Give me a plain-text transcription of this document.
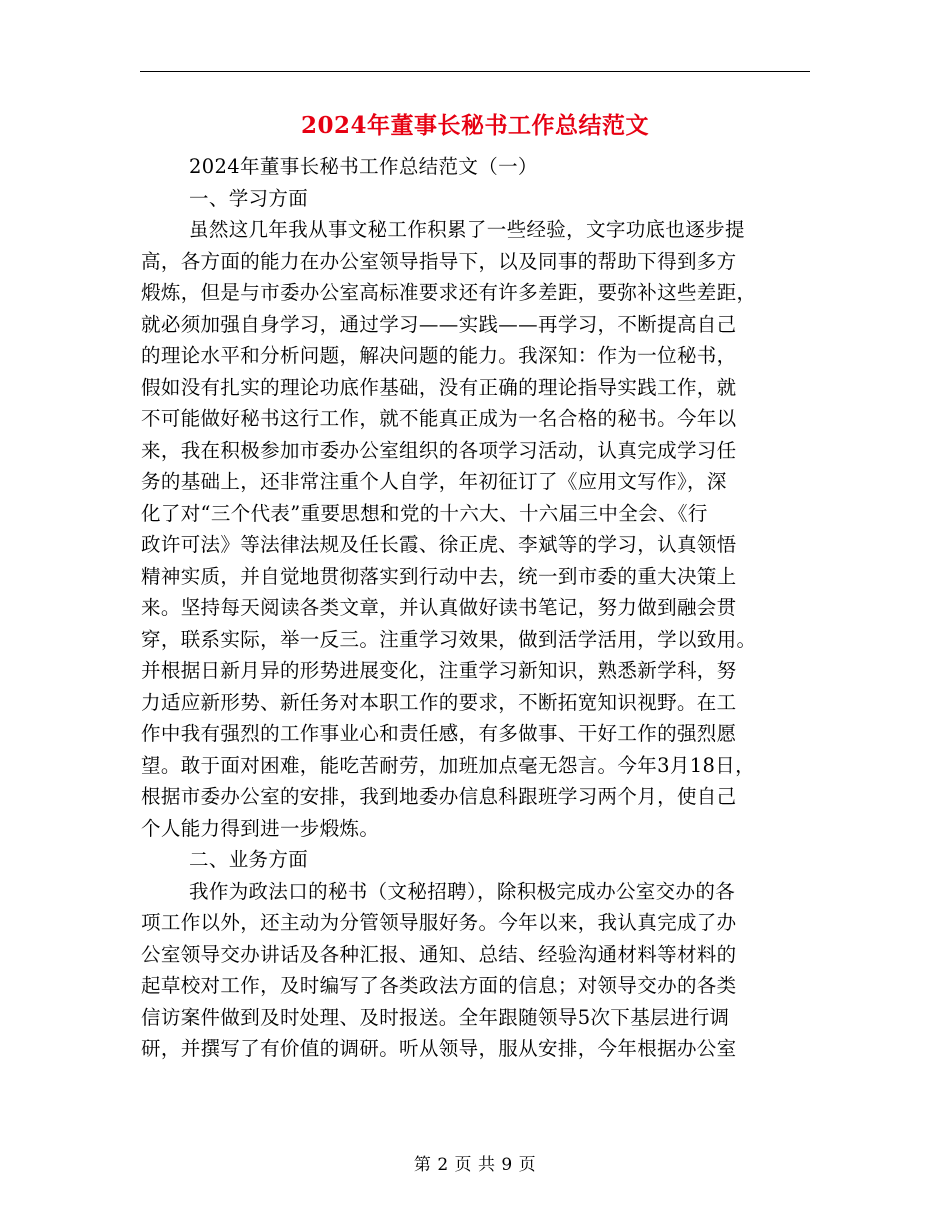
2024年董事长秘书工作总结范文
2024年董事长秘书工作总结范文（一）
一、学习方面
虽然这几年我从事文秘工作积累了一些经验，文字功底也逐步提
高，各方面的能力在办公室领导指导下，以及同事的帮助下得到多方
煅炼，但是与市委办公室高标准要求还有许多差距，要弥补这些差距，
就必须加强自身学习，通过学习——实践——再学习，不断提高自己
的理论水平和分析问题，解决问题的能力。我深知：作为一位秘书，
假如没有扎实的理论功底作基础，没有正确的理论指导实践工作，就
不可能做好秘书这行工作，就不能真正成为一名合格的秘书。今年以
来，我在积极参加市委办公室组织的各项学习活动，认真完成学习任
务的基础上，还非常注重个人自学，年初征订了《应用文写作》，深
化了对“三个代表”重要思想和党的十六大、十六届三中全会、《行
政许可法》等法律法规及任长霞、徐正虎、李斌等的学习，认真领悟
精神实质，并自觉地贯彻落实到行动中去，统一到市委的重大决策上
来。坚持每天阅读各类文章，并认真做好读书笔记，努力做到融会贯
穿，联系实际，举一反三。注重学习效果，做到活学活用，学以致用。
并根据日新月异的形势进展变化，注重学习新知识，熟悉新学科，努
力适应新形势、新任务对本职工作的要求，不断拓宽知识视野。在工
作中我有强烈的工作事业心和责任感，有多做事、干好工作的强烈愿
望。敢于面对困难，能吃苦耐劳，加班加点毫无怨言。今年3月18日，
根据市委办公室的安排，我到地委办信息科跟班学习两个月，使自己
个人能力得到进一步煅炼。
二、业务方面
我作为政法口的秘书（文秘招聘），除积极完成办公室交办的各
项工作以外，还主动为分管领导服好务。今年以来，我认真完成了办
公室领导交办讲话及各种汇报、通知、总结、经验沟通材料等材料的
起草校对工作，及时编写了各类政法方面的信息；对领导交办的各类
信访案件做到及时处理、及时报送。全年跟随领导5次下基层进行调
研，并撰写了有价值的调研。听从领导，服从安排，今年根据办公室
第 2 页 共 9 页
